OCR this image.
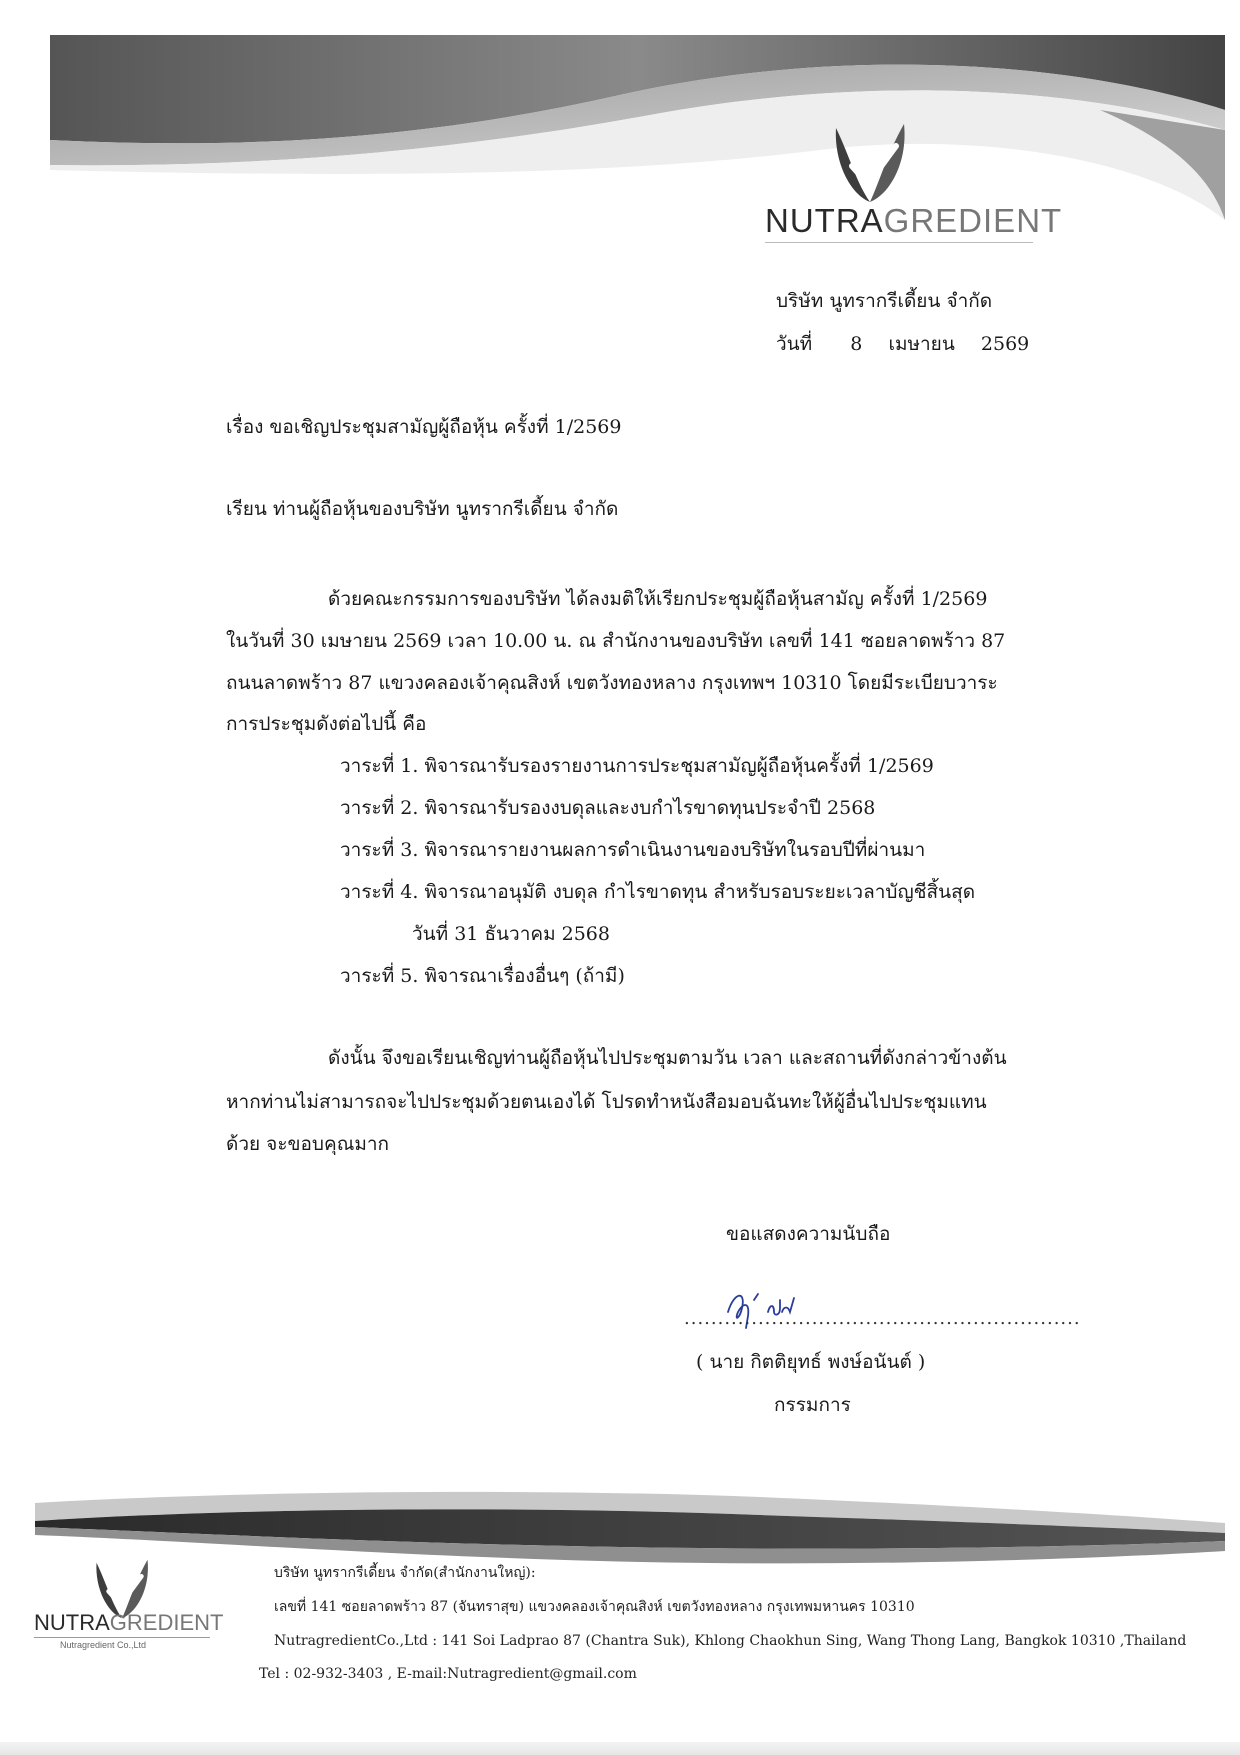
NUTRAGREDIENT
บริษัท นูทรากรีเดี้ยน จำกัด
วันที่ 8 เมษายน 2569
เรื่อง ขอเชิญประชุมสามัญผู้ถือหุ้น ครั้งที่ 1/2569
เรียน ท่านผู้ถือหุ้นของบริษัท นูทรากรีเดี้ยน จำกัด
ด้วยคณะกรรมการของบริษัท ได้ลงมติให้เรียกประชุมผู้ถือหุ้นสามัญ ครั้งที่ 1/2569
ในวันที่ 30 เมษายน 2569 เวลา 10.00 น. ณ สำนักงานของบริษัท เลขที่ 141 ซอยลาดพร้าว 87
ถนนลาดพร้าว 87 แขวงคลองเจ้าคุณสิงห์ เขตวังทองหลาง กรุงเทพฯ 10310 โดยมีระเบียบวาระ
การประชุมดังต่อไปนี้ คือ
วาระที่ 1. พิจารณารับรองรายงานการประชุมสามัญผู้ถือหุ้นครั้งที่ 1/2569
วาระที่ 2. พิจารณารับรองงบดุลและงบกำไรขาดทุนประจำปี 2568
วาระที่ 3. พิจารณารายงานผลการดำเนินงานของบริษัทในรอบปีที่ผ่านมา
วาระที่ 4. พิจารณาอนุมัติ งบดุล กำไรขาดทุน สำหรับรอบระยะเวลาบัญชีสิ้นสุด
วันที่ 31 ธันวาคม 2568
วาระที่ 5. พิจารณาเรื่องอื่นๆ (ถ้ามี)
ดังนั้น จึงขอเรียนเชิญท่านผู้ถือหุ้นไปประชุมตามวัน เวลา และสถานที่ดังกล่าวข้างต้น
หากท่านไม่สามารถจะไปประชุมด้วยตนเองได้ โปรดทำหนังสือมอบฉันทะให้ผู้อื่นไปประชุมแทน
ด้วย จะขอบคุณมาก
ขอแสดงความนับถือ
...........................................................
( นาย กิตติยุทธ์ พงษ์อนันต์ )
กรรมการ
NUTRAGREDIENT
Nutragredient Co.,Ltd
บริษัท นูทรากรีเดี้ยน จำกัด(สำนักงานใหญ่):
เลขที่ 141 ซอยลาดพร้าว 87 (จันทราสุข) แขวงคลองเจ้าคุณสิงห์ เขตวังทองหลาง กรุงเทพมหานคร 10310
NutragredientCo.,Ltd : 141 Soi Ladprao 87 (Chantra Suk), Khlong Chaokhun Sing, Wang Thong Lang, Bangkok 10310 ,Thailand
Tel : 02-932-3403 , E-mail:Nutragredient@gmail.com
